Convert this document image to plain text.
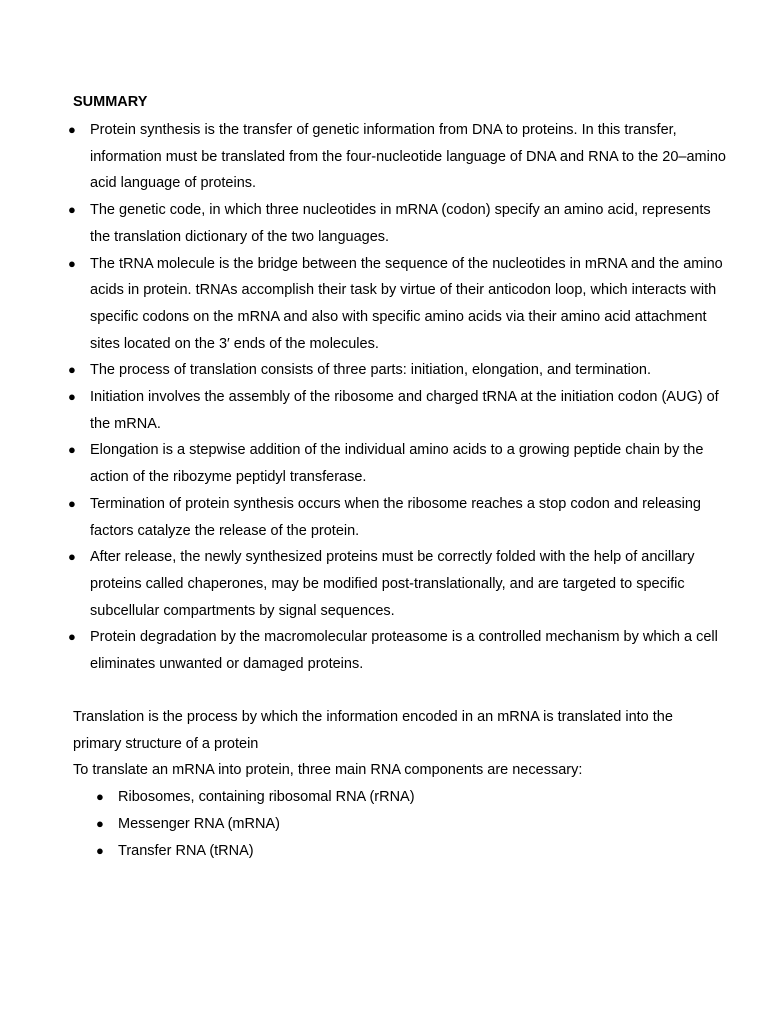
SUMMARY
● Protein synthesis is the transfer of genetic information from DNA to proteins. In this transfer, information must be translated from the four-nucleotide language of DNA and RNA to the 20–amino acid language of proteins.
● The genetic code, in which three nucleotides in mRNA (codon) specify an amino acid, represents the translation dictionary of the two languages.
● The tRNA molecule is the bridge between the sequence of the nucleotides in mRNA and the amino acids in protein. tRNAs accomplish their task by virtue of their anticodon loop, which interacts with specific codons on the mRNA and also with specific amino acids via their amino acid attachment sites located on the 3′ ends of the molecules.
● The process of translation consists of three parts: initiation, elongation, and termination.
● Initiation involves the assembly of the ribosome and charged tRNA at the initiation codon (AUG) of the mRNA.
● Elongation is a stepwise addition of the individual amino acids to a growing peptide chain by the action of the ribozyme peptidyl transferase.
● Termination of protein synthesis occurs when the ribosome reaches a stop codon and releasing factors catalyze the release of the protein.
● After release, the newly synthesized proteins must be correctly folded with the help of ancillary proteins called chaperones, may be modified post-translationally, and are targeted to specific subcellular compartments by signal sequences.
● Protein degradation by the macromolecular proteasome is a controlled mechanism by which a cell eliminates unwanted or damaged proteins.

Translation is the process by which the information encoded in an mRNA is translated into the primary structure of a protein

To translate an mRNA into protein, three main RNA components are necessary:

● Ribosomes, containing ribosomal RNA (rRNA)
● Messenger RNA (mRNA)
● Transfer RNA (tRNA)
